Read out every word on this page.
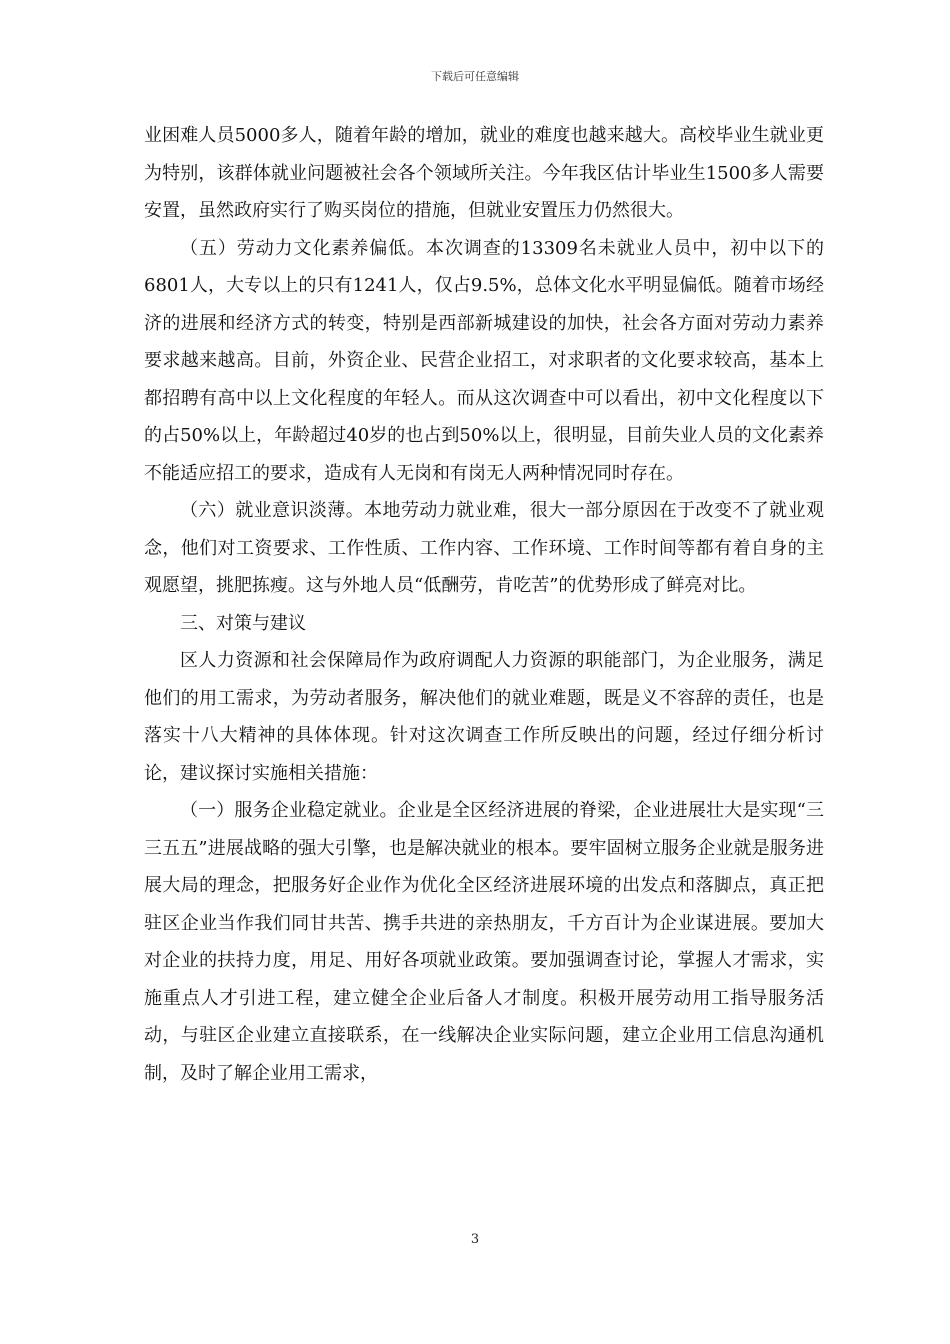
下载后可任意编辑

业困难人员5000多人，随着年龄的增加，就业的难度也越来越大。高校毕业生就业更为特别，该群体就业问题被社会各个领域所关注。今年我区估计毕业生1500多人需要安置，虽然政府实行了购买岗位的措施，但就业安置压力仍然很大。

（五）劳动力文化素养偏低。本次调查的13309名未就业人员中，初中以下的6801人，大专以上的只有1241人，仅占9.5%，总体文化水平明显偏低。随着市场经济的进展和经济方式的转变，特别是西部新城建设的加快，社会各方面对劳动力素养要求越来越高。目前，外资企业、民营企业招工，对求职者的文化要求较高，基本上都招聘有高中以上文化程度的年轻人。而从这次调查中可以看出，初中文化程度以下的占50%以上，年龄超过40岁的也占到50%以上，很明显，目前失业人员的文化素养不能适应招工的要求，造成有人无岗和有岗无人两种情况同时存在。

（六）就业意识淡薄。本地劳动力就业难，很大一部分原因在于改变不了就业观念，他们对工资要求、工作性质、工作内容、工作环境、工作时间等都有着自身的主观愿望，挑肥拣瘦。这与外地人员“低酬劳，肯吃苦”的优势形成了鲜亮对比。

三、对策与建议

区人力资源和社会保障局作为政府调配人力资源的职能部门，为企业服务，满足他们的用工需求，为劳动者服务，解决他们的就业难题，既是义不容辞的责任，也是落实十八大精神的具体体现。针对这次调查工作所反映出的问题，经过仔细分析讨论，建议探讨实施相关措施：

（一）服务企业稳定就业。企业是全区经济进展的脊梁，企业进展壮大是实现“三三五五”进展战略的强大引擎，也是解决就业的根本。要牢固树立服务企业就是服务进展大局的理念，把服务好企业作为优化全区经济进展环境的出发点和落脚点，真正把驻区企业当作我们同甘共苦、携手共进的亲热朋友，千方百计为企业谋进展。要加大对企业的扶持力度，用足、用好各项就业政策。要加强调查讨论，掌握人才需求，实施重点人才引进工程，建立健全企业后备人才制度。积极开展劳动用工指导服务活动，与驻区企业建立直接联系，在一线解决企业实际问题，建立企业用工信息沟通机制，及时了解企业用工需求，

3
